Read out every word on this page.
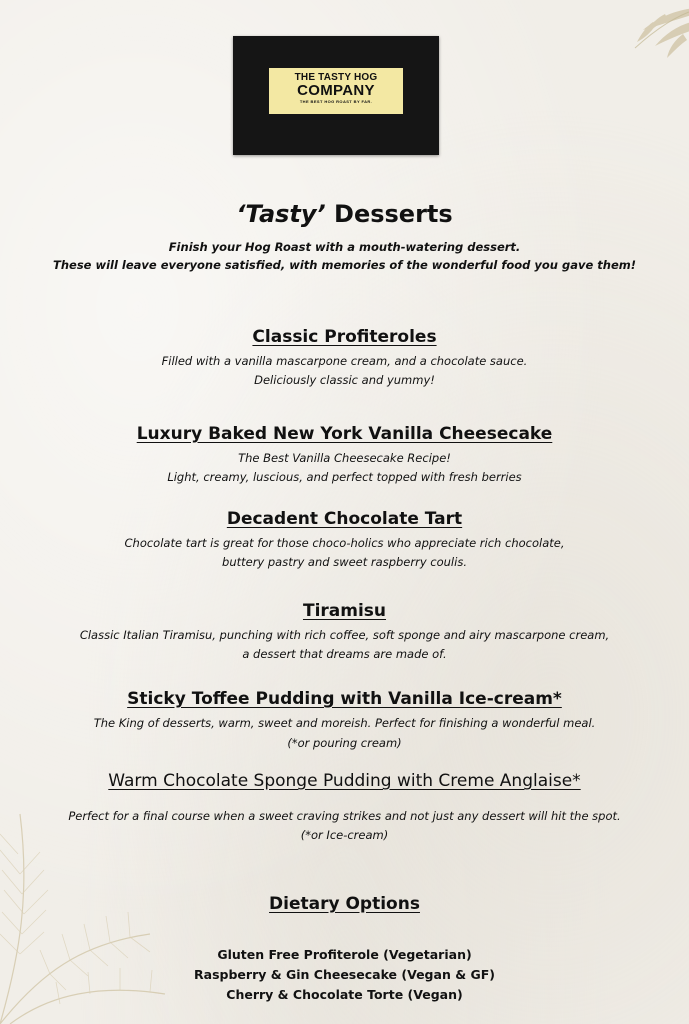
THE TASTY HOG
COMPANY
THE BEST HOG ROAST BY FAR.
‘Tasty’ Desserts
Finish your Hog Roast with a mouth-watering dessert.
These will leave everyone satisfied, with memories of the wonderful food you gave them!
Classic Profiteroles
Filled with a vanilla mascarpone cream, and a chocolate sauce.
Deliciously classic and yummy!
Luxury Baked New York Vanilla Cheesecake
The Best Vanilla Cheesecake Recipe!
Light, creamy, luscious, and perfect topped with fresh berries
Decadent Chocolate Tart
Chocolate tart is great for those choco-holics who appreciate rich chocolate,
buttery pastry and sweet raspberry coulis.
Tiramisu
Classic Italian Tiramisu, punching with rich coffee, soft sponge and airy mascarpone cream,
a dessert that dreams are made of.
Sticky Toffee Pudding with Vanilla Ice-cream*
The King of desserts, warm, sweet and moreish. Perfect for finishing a wonderful meal.
(*or pouring cream)
Warm Chocolate Sponge Pudding with Creme Anglaise*
Perfect for a final course when a sweet craving strikes and not just any dessert will hit the spot.
(*or Ice-cream)
Dietary Options
Gluten Free Profiterole (Vegetarian)
Raspberry & Gin Cheesecake (Vegan & GF)
Cherry & Chocolate Torte (Vegan)
